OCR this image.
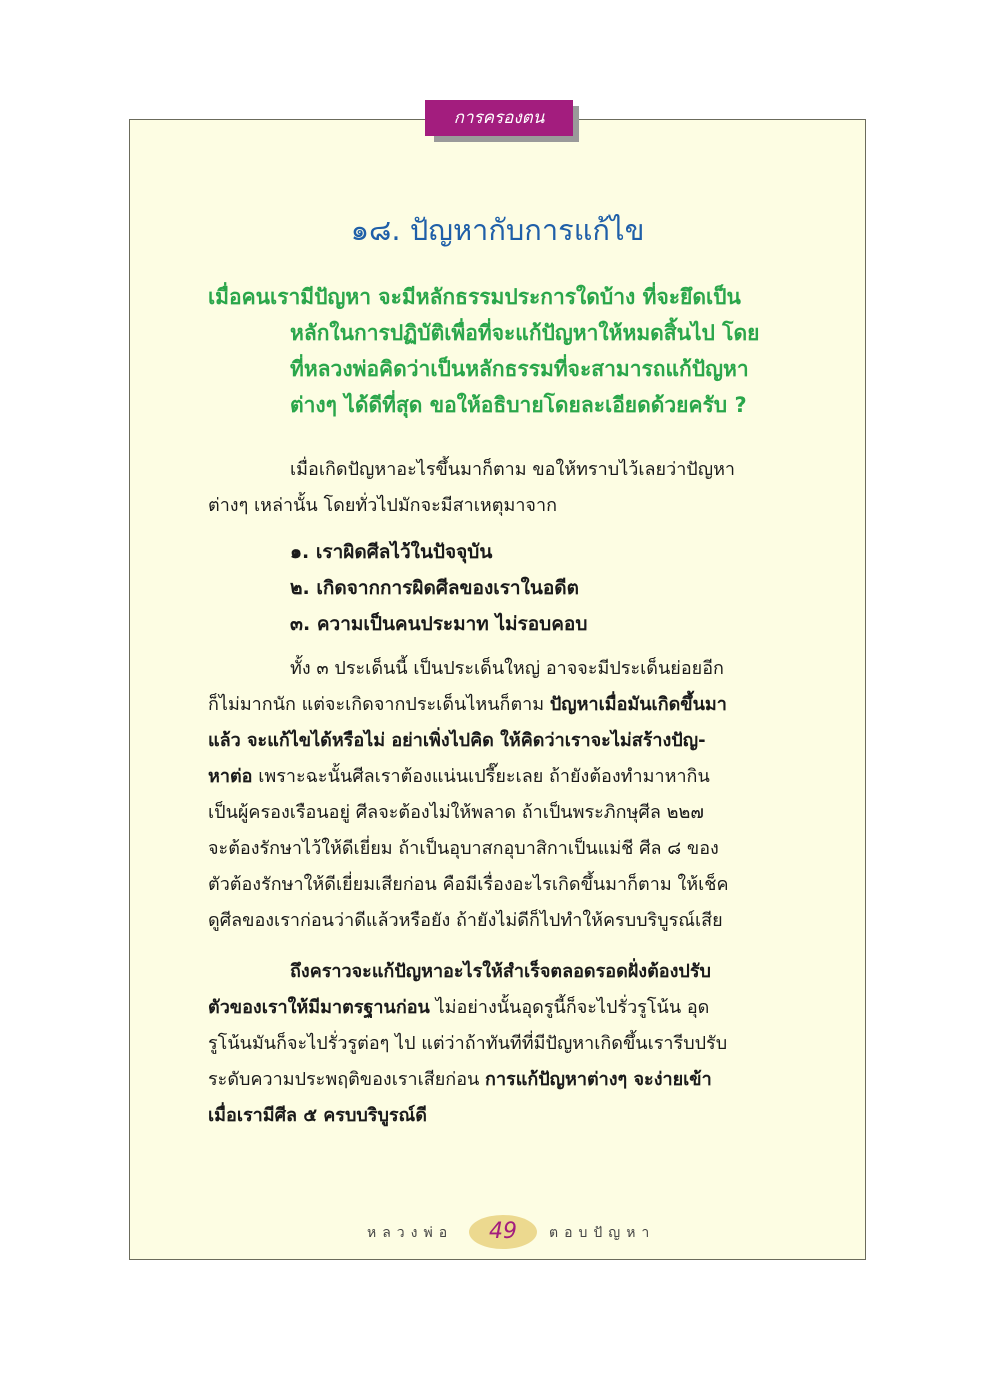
การครองตน
๑๘. ปัญหากับการแก้ไข
เมื่อคนเรามีปัญหา จะมีหลักธรรมประการใดบ้าง ที่จะยึดเป็น
หลักในการปฏิบัติเพื่อที่จะแก้ปัญหาให้หมดสิ้นไป โดย
ที่หลวงพ่อคิดว่าเป็นหลักธรรมที่จะสามารถแก้ปัญหา
ต่างๆ ได้ดีที่สุด ขอให้อธิบายโดยละเอียดด้วยครับ ?
เมื่อเกิดปัญหาอะไรขึ้นมาก็ตาม ขอให้ทราบไว้เลยว่าปัญหา
ต่างๆ เหล่านั้น โดยทั่วไปมักจะมีสาเหตุมาจาก
๑. เราผิดศีลไว้ในปัจจุบัน
๒. เกิดจากการผิดศีลของเราในอดีต
๓. ความเป็นคนประมาท ไม่รอบคอบ
ทั้ง ๓ ประเด็นนี้ เป็นประเด็นใหญ่ อาจจะมีประเด็นย่อยอีก
ก็ไม่มากนัก แต่จะเกิดจากประเด็นไหนก็ตาม ปัญหาเมื่อมันเกิดขึ้นมา
แล้ว จะแก้ไขได้หรือไม่ อย่าเพิ่งไปคิด ให้คิดว่าเราจะไม่สร้างปัญ-
หาต่อ เพราะฉะนั้นศีลเราต้องแน่นเปรี๊ยะเลย ถ้ายังต้องทำมาหากิน
เป็นผู้ครองเรือนอยู่ ศีลจะต้องไม่ให้พลาด ถ้าเป็นพระภิกษุศีล ๒๒๗
จะต้องรักษาไว้ให้ดีเยี่ยม ถ้าเป็นอุบาสกอุบาสิกาเป็นแม่ชี ศีล ๘ ของ
ตัวต้องรักษาให้ดีเยี่ยมเสียก่อน คือมีเรื่องอะไรเกิดขึ้นมาก็ตาม ให้เช็ค
ดูศีลของเราก่อนว่าดีแล้วหรือยัง ถ้ายังไม่ดีก็ไปทำให้ครบบริบูรณ์เสีย
ถึงคราวจะแก้ปัญหาอะไรให้สำเร็จตลอดรอดฝั่งต้องปรับ
ตัวของเราให้มีมาตรฐานก่อน ไม่อย่างนั้นอุดรูนี้ก็จะไปรั่วรูโน้น อุด
รูโน้นมันก็จะไปรั่วรูต่อๆ ไป แต่ว่าถ้าทันทีที่มีปัญหาเกิดขึ้นเรารีบปรับ
ระดับความประพฤติของเราเสียก่อน การแก้ปัญหาต่างๆ จะง่ายเข้า
เมื่อเรามีศีล ๕ ครบบริบูรณ์ดี
หลวงพ่อ	49	ตอบปัญหา
